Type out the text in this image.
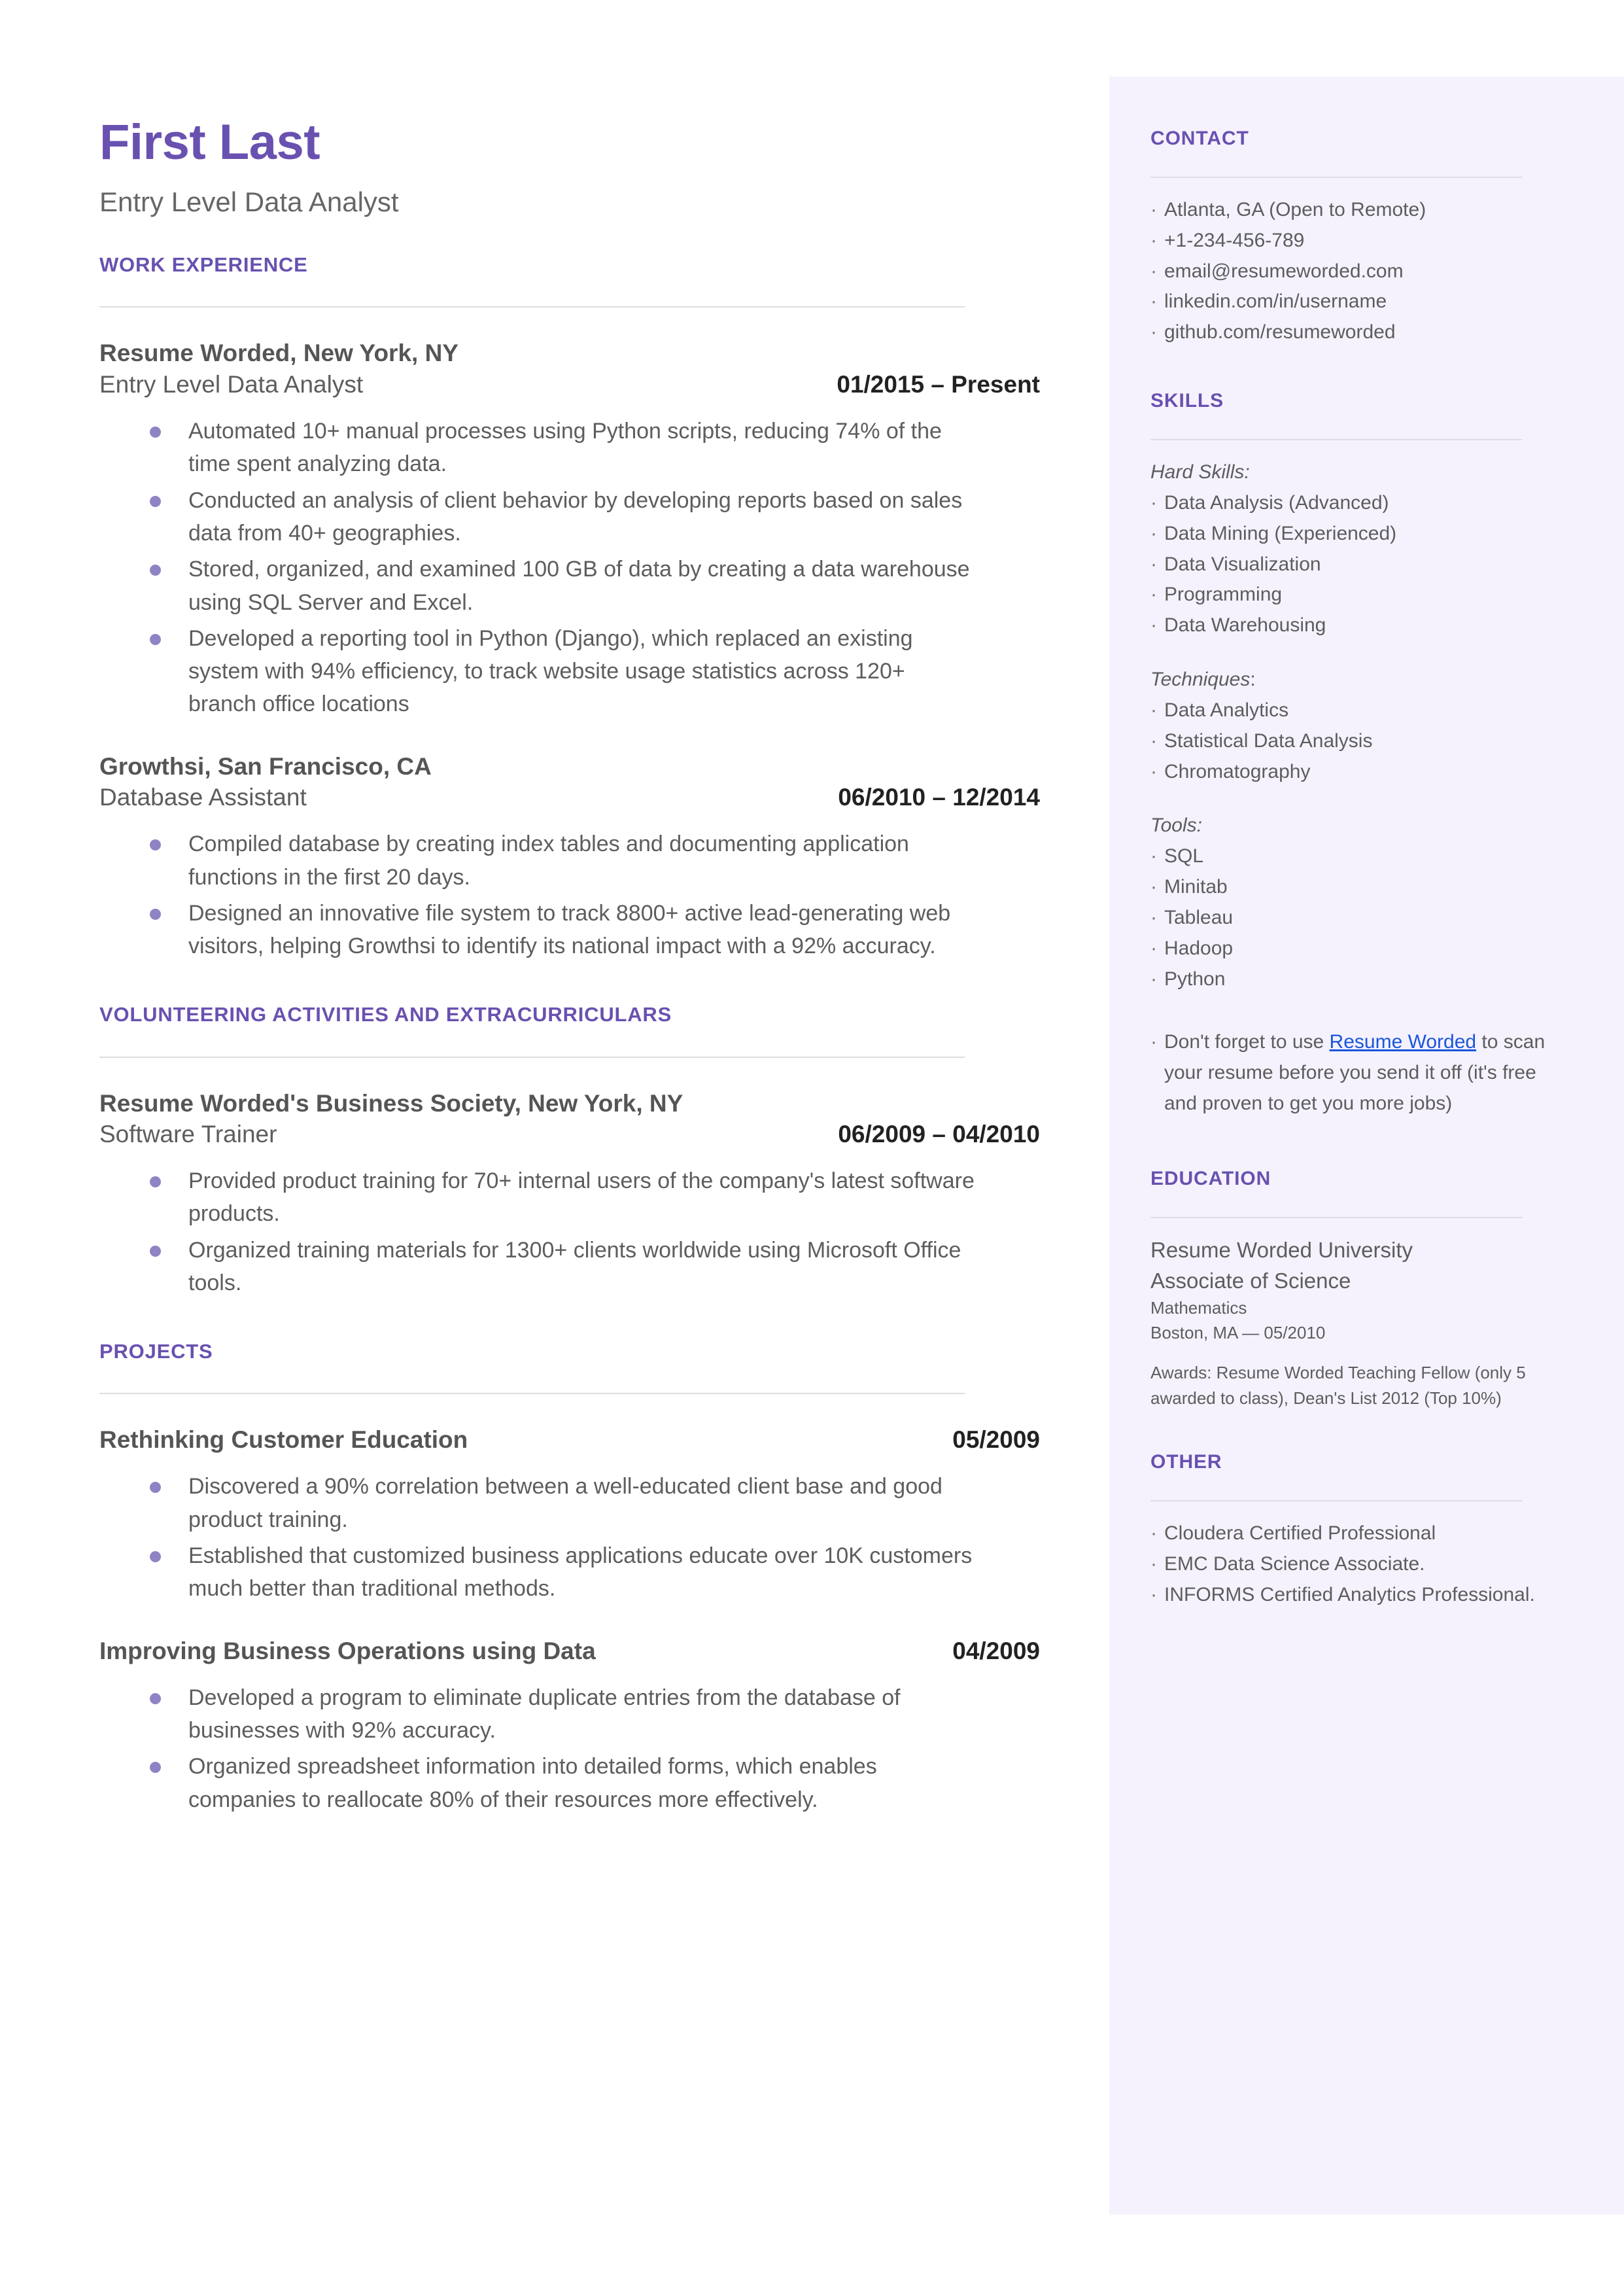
First Last
Entry Level Data Analyst
WORK EXPERIENCE
Resume Worded, New York, NY
Entry Level Data Analyst	01/2015 – Present
Automated 10+ manual processes using Python scripts, reducing 74% of the time spent analyzing data.
Conducted an analysis of client behavior by developing reports based on sales data from 40+ geographies.
Stored, organized, and examined 100 GB of data by creating a data warehouse using SQL Server and Excel.
Developed a reporting tool in Python (Django), which replaced an existing system with 94% efficiency, to track website usage statistics across 120+ branch office locations
Growthsi, San Francisco, CA
Database Assistant	06/2010 – 12/2014
Compiled database by creating index tables and documenting application functions in the first 20 days.
Designed an innovative file system to track 8800+ active lead-generating web visitors, helping Growthsi to identify its national impact with a 92% accuracy.
VOLUNTEERING ACTIVITIES AND EXTRACURRICULARS
Resume Worded's Business Society, New York, NY
Software Trainer	06/2009 – 04/2010
Provided product training for 70+ internal users of the company's latest software products.
Organized training materials for 1300+ clients worldwide using Microsoft Office tools.
PROJECTS
Rethinking Customer Education	05/2009
Discovered a 90% correlation between a well-educated client base and good product training.
Established that customized business applications educate over 10K customers much better than traditional methods.
Improving Business Operations using Data	04/2009
Developed a program to eliminate duplicate entries from the database of businesses with 92% accuracy.
Organized spreadsheet information into detailed forms, which enables companies to reallocate 80% of their resources more effectively.
CONTACT
· Atlanta, GA (Open to Remote)
· +1-234-456-789
· email@resumeworded.com
· linkedin.com/in/username
· github.com/resumeworded
SKILLS
Hard Skills:
· Data Analysis (Advanced)
· Data Mining (Experienced)
· Data Visualization
· Programming
· Data Warehousing
Techniques:
· Data Analytics
· Statistical Data Analysis
· Chromatography
Tools:
· SQL
· Minitab
· Tableau
· Hadoop
· Python
· Don't forget to use Resume Worded to scan your resume before you send it off (it's free and proven to get you more jobs)
EDUCATION
Resume Worded University
Associate of Science
Mathematics
Boston, MA — 05/2010
Awards: Resume Worded Teaching Fellow (only 5 awarded to class), Dean's List 2012 (Top 10%)
OTHER
· Cloudera Certified Professional
· EMC Data Science Associate.
· INFORMS Certified Analytics Professional.
